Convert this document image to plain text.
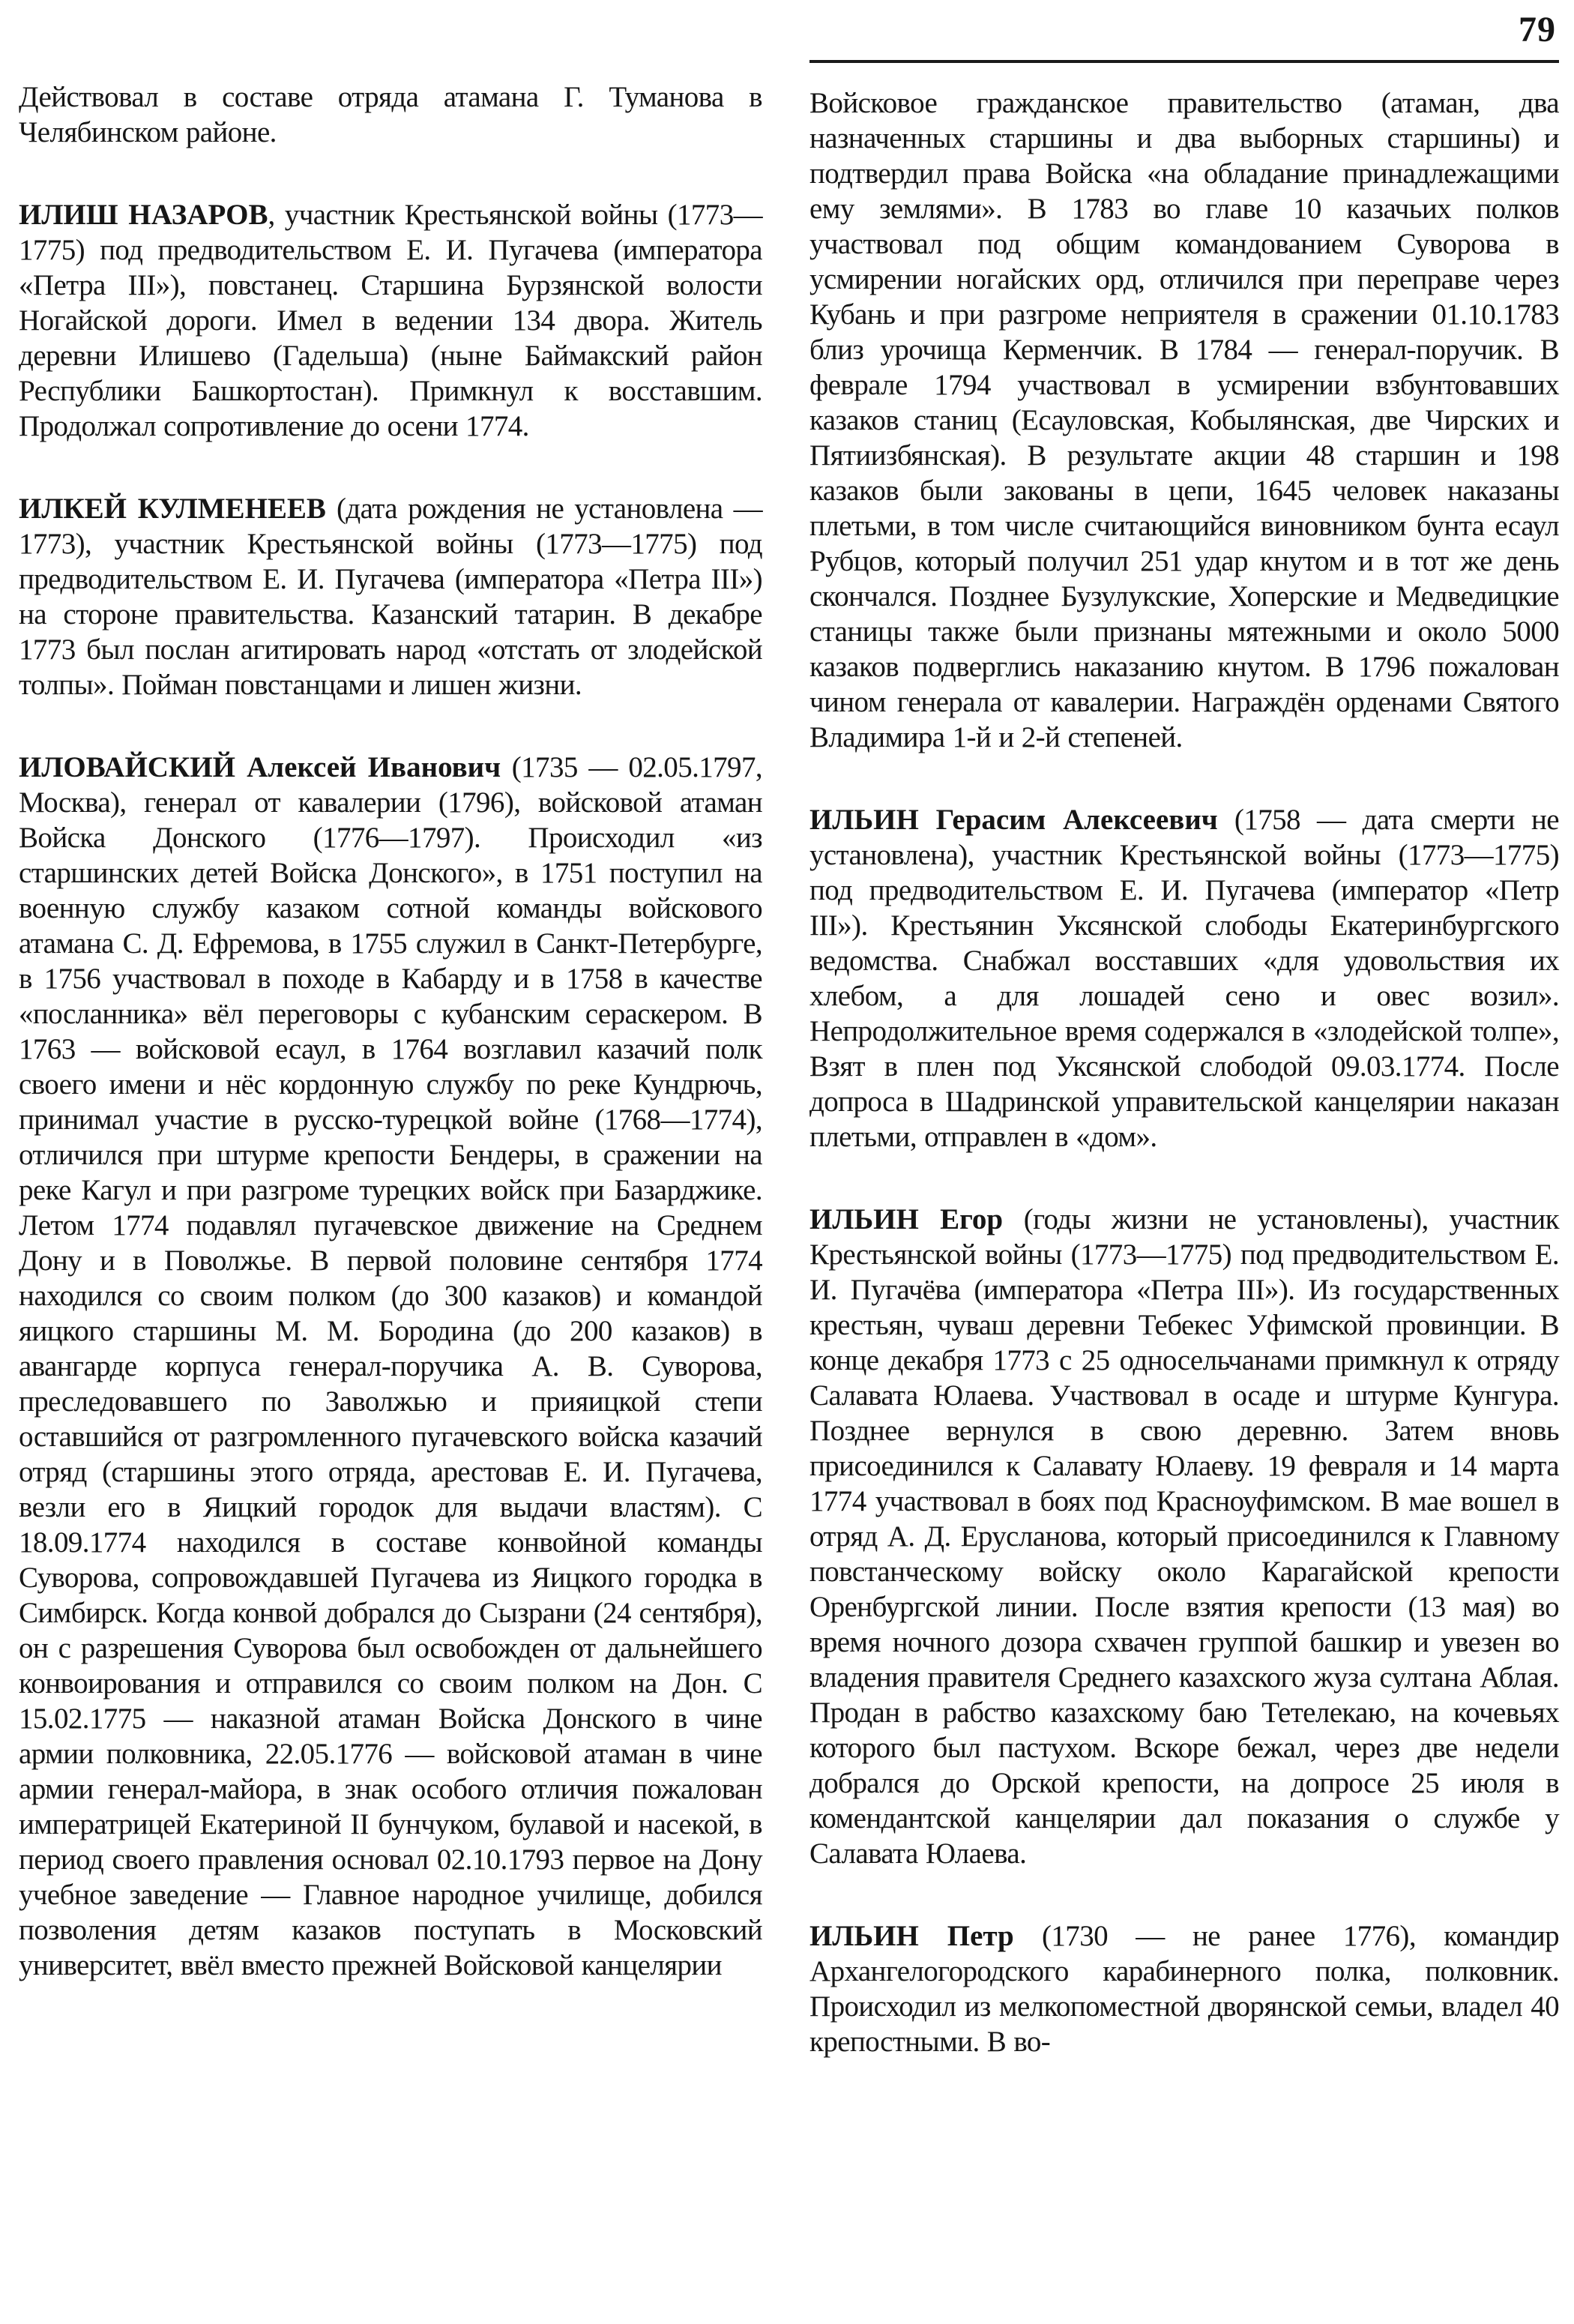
Действовал в составе отряда атамана Г. Туманова в Челябинском районе.

ИЛИШ НАЗАРОВ, участник Крестьянской войны (1773—1775) под предводительством Е. И. Пугачева (императора «Петра III»), повстанец. Старшина Бурзянской волости Ногайской дороги. Имел в ведении 134 двора. Житель деревни Илишево (Гадельша) (ныне Баймакский район Республики Башкортостан). Примкнул к восставшим. Продолжал сопротивление до осени 1774.

ИЛКЕЙ КУЛМЕНЕЕВ (дата рождения не установлена — 1773), участник Крестьянской войны (1773—1775) под предводительством Е. И. Пугачева (императора «Петра III») на стороне правительства. Казанский татарин. В декабре 1773 был послан агитировать народ «отстать от злодейской толпы». Пойман повстанцами и лишен жизни.

ИЛОВАЙСКИЙ Алексей Иванович (1735 — 02.05.1797, Москва), генерал от кавалерии (1796), войсковой атаман Войска Донского (1776—1797). Происходил «из старшинских детей Войска Донского», в 1751 поступил на военную службу казаком сотной команды войскового атамана С. Д. Ефремова, в 1755 служил в Санкт-Петербурге, в 1756 участвовал в походе в Кабарду и в 1758 в качестве «посланника» вёл переговоры с кубанским сераскером. В 1763 — войсковой есаул, в 1764 возглавил казачий полк своего имени и нёс кордонную службу по реке Кундрючь, принимал участие в русско-турецкой войне (1768—1774), отличился при штурме крепости Бендеры, в сражении на реке Кагул и при разгроме турецких войск при Базарджике. Летом 1774 подавлял пугачевское движение на Среднем Дону и в Поволжье. В первой половине сентября 1774 находился со своим полком (до 300 казаков) и командой яицкого старшины М. М. Бородина (до 200 казаков) в авангарде корпуса генерал-поручика А. В. Суворова, преследовавшего по Заволжью и прияицкой степи оставшийся от разгромленного пугачевского войска казачий отряд (старшины этого отряда, арестовав Е. И. Пугачева, везли его в Яицкий городок для выдачи властям). С 18.09.1774 находился в составе конвойной команды Суворова, сопровождавшей Пугачева из Яицкого городка в Симбирск. Когда конвой добрался до Сызрани (24 сентября), он с разрешения Суворова был освобожден от дальнейшего конвоирования и отправился со своим полком на Дон. С 15.02.1775 — наказной атаман Войска Донского в чине армии полковника, 22.05.1776 — войсковой атаман в чине армии генерал-майора, в знак особого отличия пожалован императрицей Екатериной II бунчуком, булавой и насекой, в период своего правления основал 02.10.1793 первое на Дону учебное заведение — Главное народное училище, добился позволения детям казаков поступать в Московский университет, ввёл вместо прежней Войсковой канцелярии

79

Войсковое гражданское правительство (атаман, два назначенных старшины и два выборных старшины) и подтвердил права Войска «на обладание принадлежащими ему землями». В 1783 во главе 10 казачьих полков участвовал под общим командованием Суворова в усмирении ногайских орд, отличился при переправе через Кубань и при разгроме неприятеля в сражении 01.10.1783 близ урочища Керменчик. В 1784 — генерал-поручик. В феврале 1794 участвовал в усмирении взбунтовавших казаков станиц (Есауловская, Кобылянская, две Чирских и Пятиизбянская). В результате акции 48 старшин и 198 казаков были закованы в цепи, 1645 человек наказаны плетьми, в том числе считающийся виновником бунта есаул Рубцов, который получил 251 удар кнутом и в тот же день скончался. Позднее Бузулукские, Хоперские и Медведицкие станицы также были признаны мятежными и около 5000 казаков подверглись наказанию кнутом. В 1796 пожалован чином генерала от кавалерии. Награждён орденами Святого Владимира 1-й и 2-й степеней.

ИЛЬИН Герасим Алексеевич (1758 — дата смерти не установлена), участник Крестьянской войны (1773—1775) под предводительством Е. И. Пугачева (император «Петр III»). Крестьянин Уксянской слободы Екатеринбургского ведомства. Снабжал восставших «для удовольствия их хлебом, а для лошадей сено и овес возил». Непродолжительное время содержался в «злодейской толпе», Взят в плен под Уксянской слободой 09.03.1774. После допроса в Шадринской управительской канцелярии наказан плетьми, отправлен в «дом».

ИЛЬИН Егор (годы жизни не установлены), участник Крестьянской войны (1773—1775) под предводительством Е. И. Пугачёва (императора «Петра III»). Из государственных крестьян, чуваш деревни Тебекес Уфимской провинции. В конце декабря 1773 с 25 односельчанами примкнул к отряду Салавата Юлаева. Участвовал в осаде и штурме Кунгура. Позднее вернулся в свою деревню. Затем вновь присоединился к Салавату Юлаеву. 19 февраля и 14 марта 1774 участвовал в боях под Красноуфимском. В мае вошел в отряд А. Д. Ерусланова, который присоединился к Главному повстанческому войску около Карагайской крепости Оренбургской линии. После взятия крепости (13 мая) во время ночного дозора схвачен группой башкир и увезен во владения правителя Среднего казахского жуза султана Аблая. Продан в рабство казахскому баю Тетелекаю, на кочевьях которого был пастухом. Вскоре бежал, через две недели добрался до Орской крепости, на допросе 25 июля в комендантской канцелярии дал показания о службе у Салавата Юлаева.

ИЛЬИН Петр (1730 — не ранее 1776), командир Архангелогородского карабинерного полка, полковник. Происходил из мелкопоместной дворянской семьи, владел 40 крепостными. В во-
